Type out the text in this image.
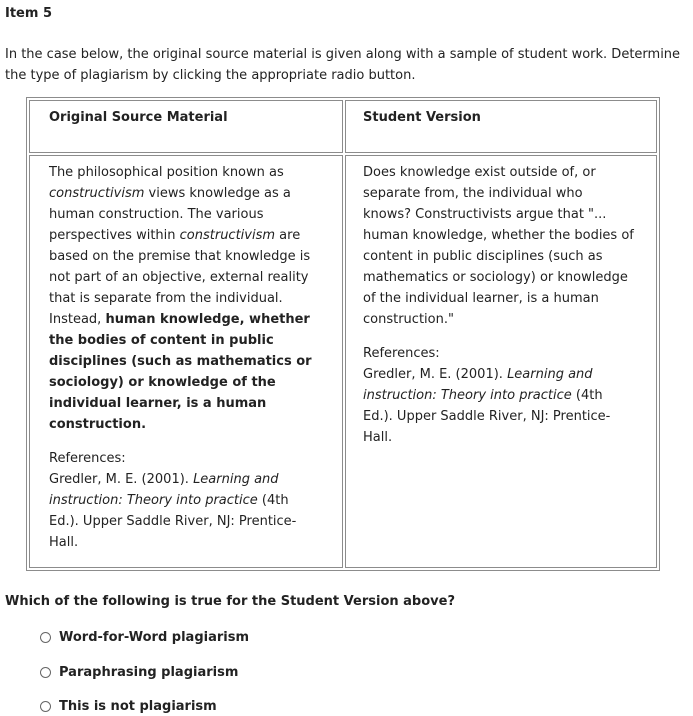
Item 5
In the case below, the original source material is given along with a sample of student work. Determine the type of plagiarism by clicking the appropriate radio button.
Original Source Material	Student Version
The philosophical position known as
constructivism views knowledge as a
human construction. The various
perspectives within constructivism are
based on the premise that knowledge is
not part of an objective, external reality
that is separate from the individual.
Instead, human knowledge, whether
the bodies of content in public
disciplines (such as mathematics or
sociology) or knowledge of the
individual learner, is a human
construction.
References:
Gredler, M. E. (2001). Learning and
instruction: Theory into practice (4th
Ed.). Upper Saddle River, NJ: Prentice-
Hall.
Does knowledge exist outside of, or
separate from, the individual who
knows? Constructivists argue that "...
human knowledge, whether the bodies of
content in public disciplines (such as
mathematics or sociology) or knowledge
of the individual learner, is a human
construction."
References:
Gredler, M. E. (2001). Learning and
instruction: Theory into practice (4th
Ed.). Upper Saddle River, NJ: Prentice-
Hall.
Which of the following is true for the Student Version above?
Word-for-Word plagiarism
Paraphrasing plagiarism
This is not plagiarism
